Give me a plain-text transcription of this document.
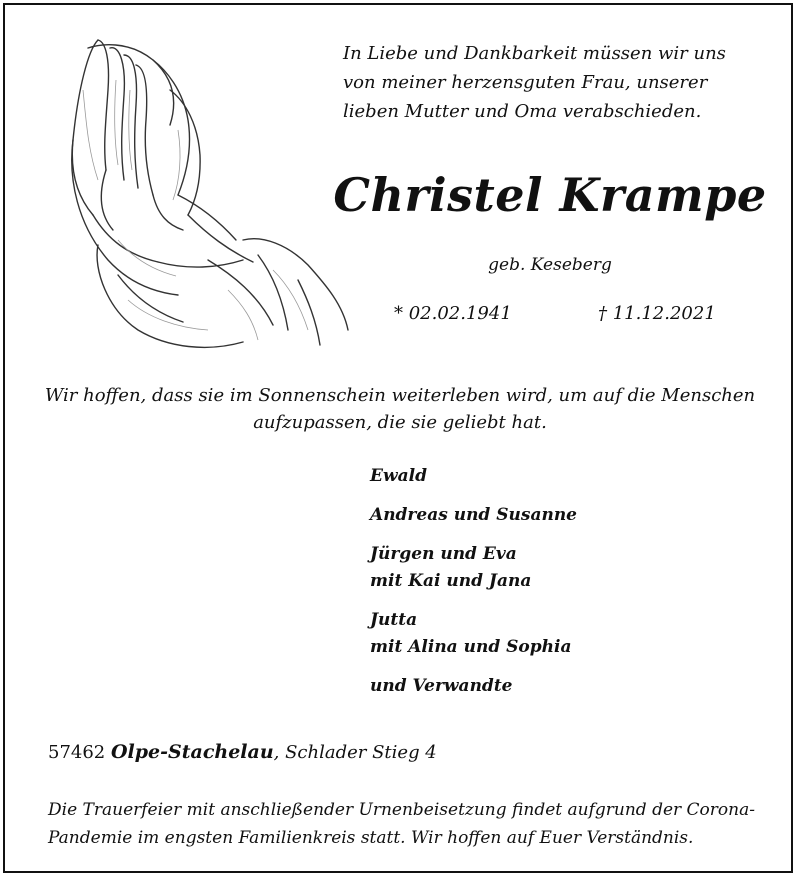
In Liebe und Dankbarkeit müssen wir uns von meiner herzensguten Frau, unserer lieben Mutter und Oma verabschieden.
Christel Krampe
geb. Keseberg
* 02.02.1941	† 11.12.2021
Wir hoffen, dass sie im Sonnenschein weiterleben wird, um auf die Menschen aufzupassen, die sie geliebt hat.
Ewald
Andreas und Susanne
Jürgen und Eva
mit Kai und Jana
Jutta
mit Alina und Sophia
und Verwandte
57462 Olpe-Stachelau, Schlader Stieg 4
Die Trauerfeier mit anschließender Urnenbeisetzung findet aufgrund der Corona-Pandemie im engsten Familienkreis statt. Wir hoffen auf Euer Verständnis.
